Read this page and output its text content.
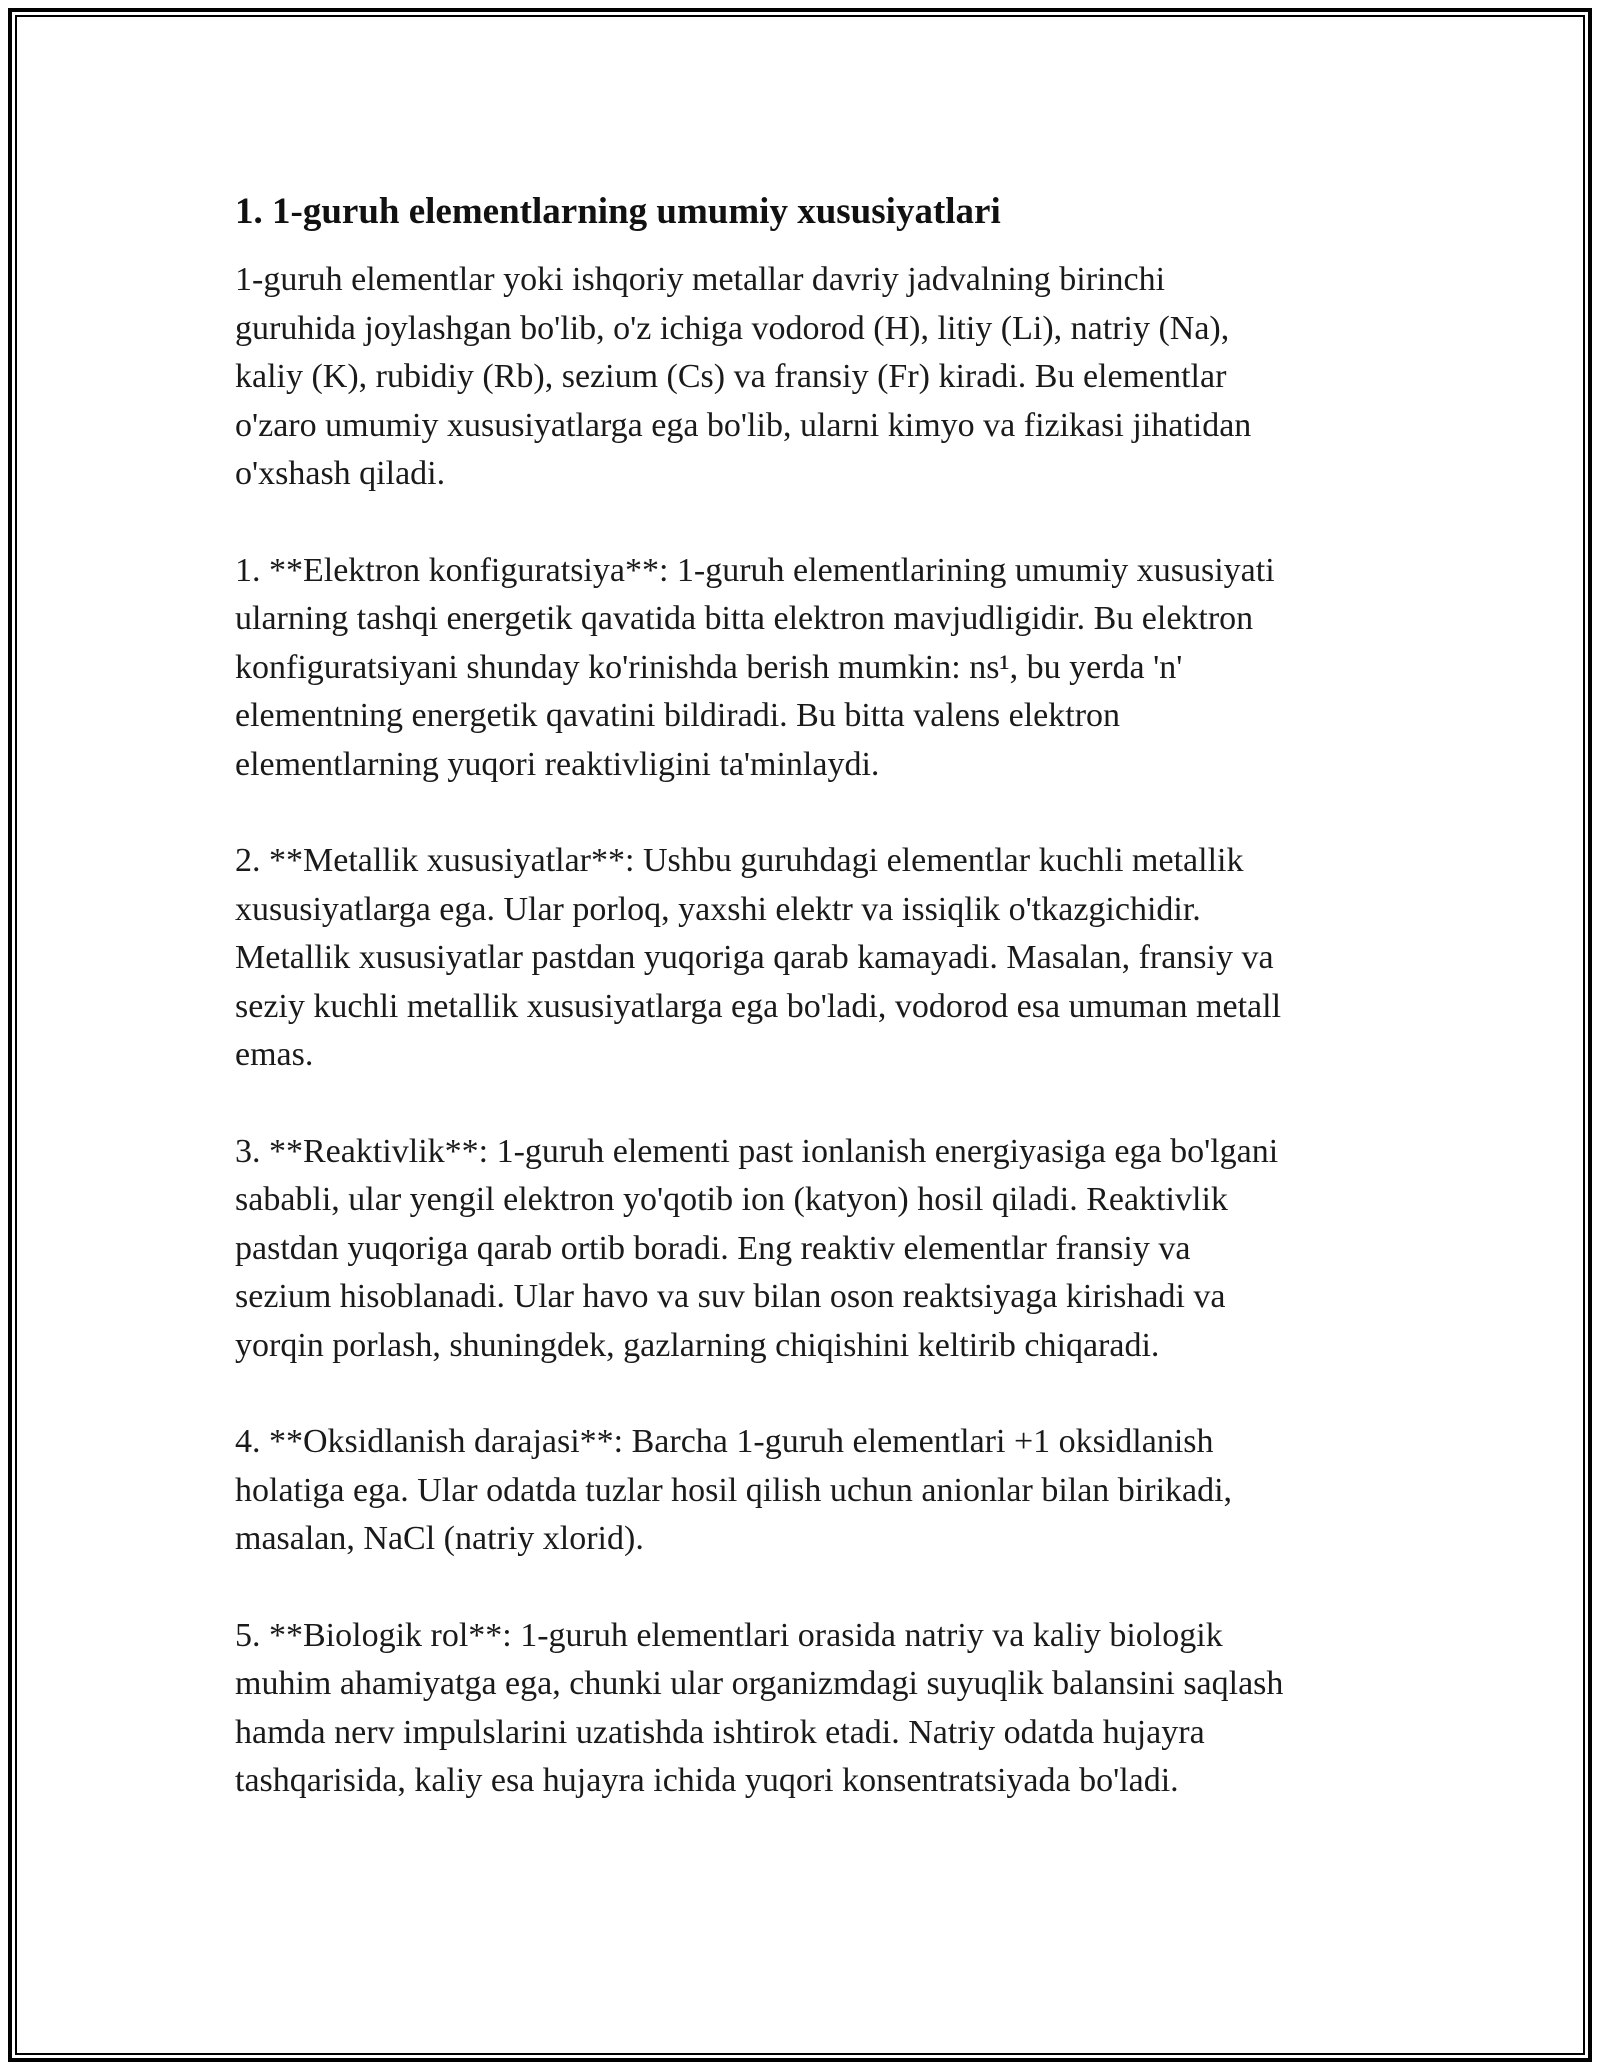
1. 1-guruh elementlarning umumiy xususiyatlari

1-guruh elementlar yoki ishqoriy metallar davriy jadvalning birinchi
guruhida joylashgan bo'lib, o'z ichiga vodorod (H), litiy (Li), natriy (Na),
kaliy (K), rubidiy (Rb), sezium (Cs) va fransiy (Fr) kiradi. Bu elementlar
o'zaro umumiy xususiyatlarga ega bo'lib, ularni kimyo va fizikasi jihatidan
o'xshash qiladi.

1. **Elektron konfiguratsiya**: 1-guruh elementlarining umumiy xususiyati
ularning tashqi energetik qavatida bitta elektron mavjudligidir. Bu elektron
konfiguratsiyani shunday ko'rinishda berish mumkin: ns¹, bu yerda 'n'
elementning energetik qavatini bildiradi. Bu bitta valens elektron
elementlarning yuqori reaktivligini ta'minlaydi.

2. **Metallik xususiyatlar**: Ushbu guruhdagi elementlar kuchli metallik
xususiyatlarga ega. Ular porloq, yaxshi elektr va issiqlik o'tkazgichidir.
Metallik xususiyatlar pastdan yuqoriga qarab kamayadi. Masalan, fransiy va
seziy kuchli metallik xususiyatlarga ega bo'ladi, vodorod esa umuman metall
emas.

3. **Reaktivlik**: 1-guruh elementi past ionlanish energiyasiga ega bo'lgani
sababli, ular yengil elektron yo'qotib ion (katyon) hosil qiladi. Reaktivlik
pastdan yuqoriga qarab ortib boradi. Eng reaktiv elementlar fransiy va
sezium hisoblanadi. Ular havo va suv bilan oson reaktsiyaga kirishadi va
yorqin porlash, shuningdek, gazlarning chiqishini keltirib chiqaradi.

4. **Oksidlanish darajasi**: Barcha 1-guruh elementlari +1 oksidlanish
holatiga ega. Ular odatda tuzlar hosil qilish uchun anionlar bilan birikadi,
masalan, NaCl (natriy xlorid).

5. **Biologik rol**: 1-guruh elementlari orasida natriy va kaliy biologik
muhim ahamiyatga ega, chunki ular organizmdagi suyuqlik balansini saqlash
hamda nerv impulslarini uzatishda ishtirok etadi. Natriy odatda hujayra
tashqarisida, kaliy esa hujayra ichida yuqori konsentratsiyada bo'ladi.
